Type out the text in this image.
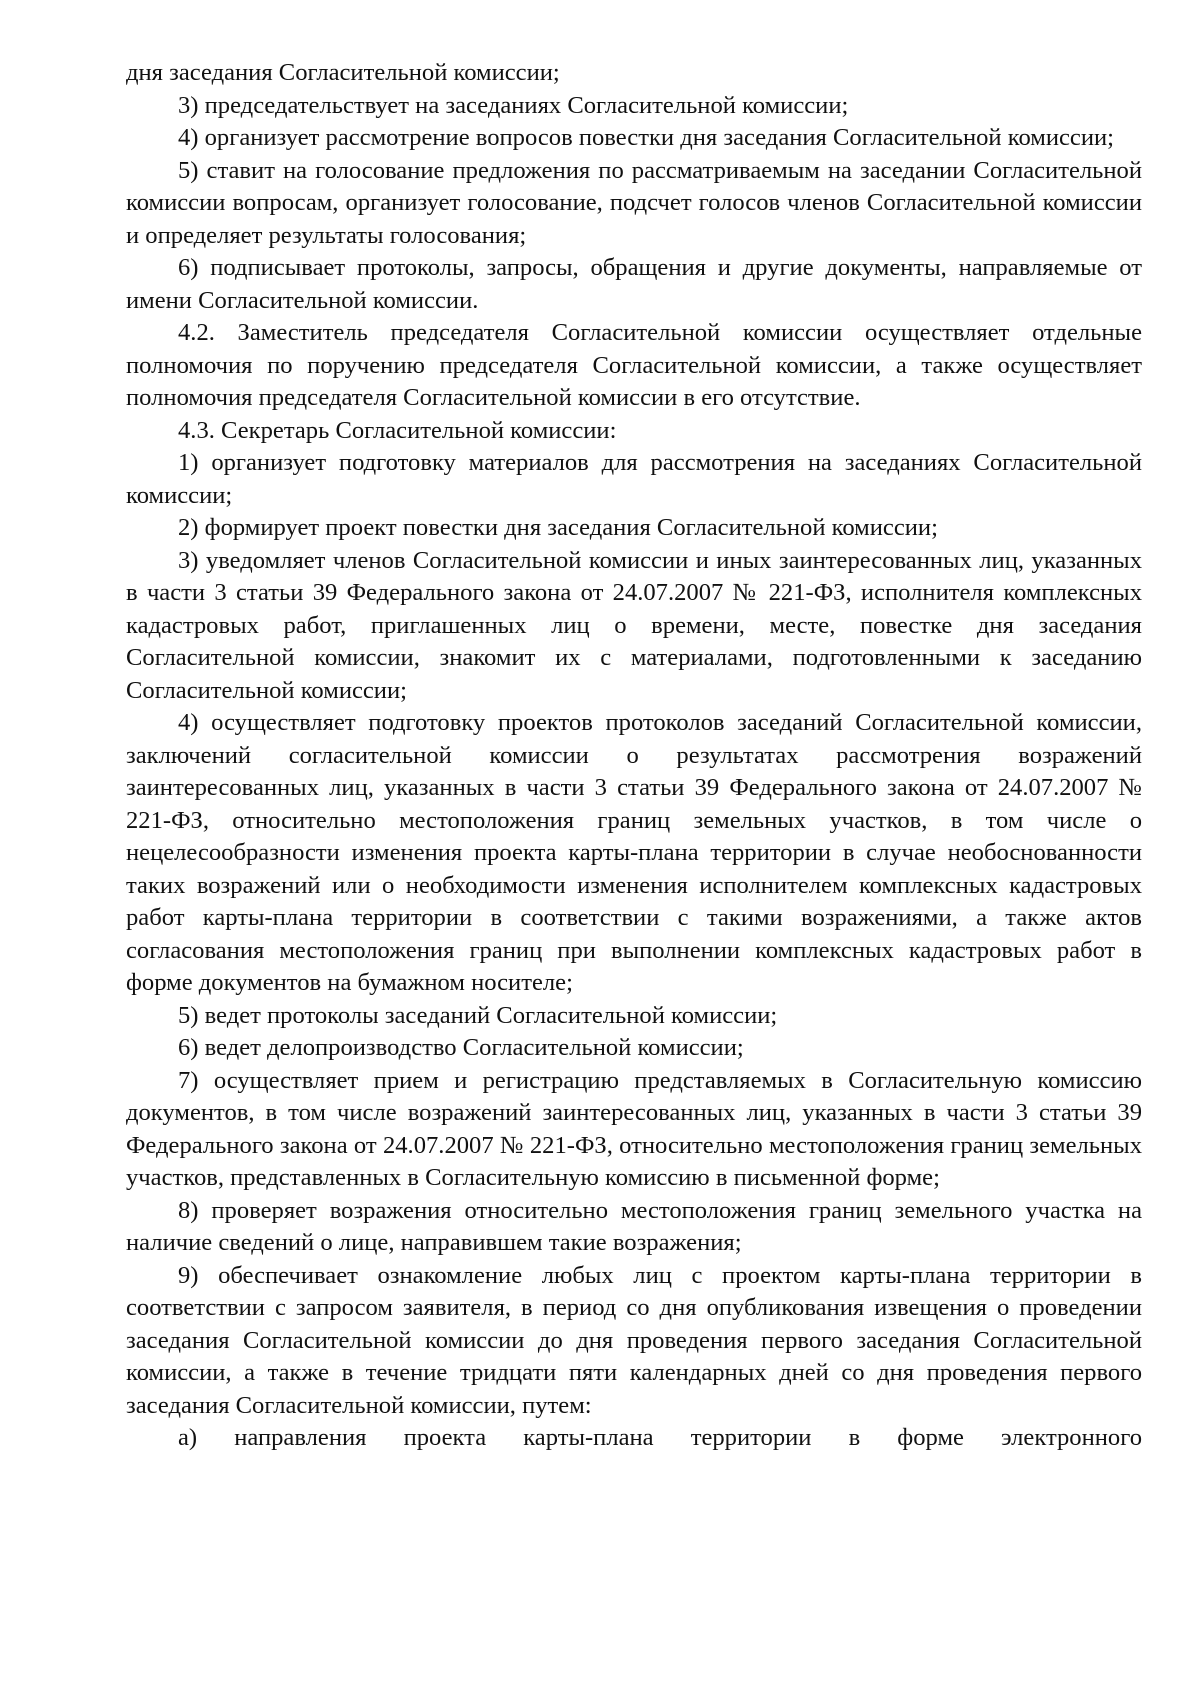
дня заседания Согласительной комиссии;

3) председательствует на заседаниях Согласительной комиссии;

4) организует рассмотрение вопросов повестки дня заседания Согласительной комиссии;

5) ставит на голосование предложения по рассматриваемым на заседании Согласительной комиссии вопросам, организует голосование, подсчет голосов членов Согласительной комиссии и определяет результаты голосования;

6) подписывает протоколы, запросы, обращения и другие документы, направляемые от имени Согласительной комиссии.

4.2. Заместитель председателя Согласительной комиссии осуществляет отдельные полномочия по поручению председателя Согласительной комиссии, а также осуществляет полномочия председателя Согласительной комиссии в его отсутствие.

4.3. Секретарь Согласительной комиссии:

1) организует подготовку материалов для рассмотрения на заседаниях Согласительной комиссии;

2) формирует проект повестки дня заседания Согласительной комиссии;

3) уведомляет членов Согласительной комиссии и иных заинтересованных лиц, указанных в части 3 статьи 39 Федерального закона от 24.07.2007 № 221-ФЗ, исполнителя комплексных кадастровых работ, приглашенных лиц о времени, месте, повестке дня заседания Согласительной комиссии, знакомит их с материалами, подготовленными к заседанию Согласительной комиссии;

4) осуществляет подготовку проектов протоколов заседаний Согласительной комиссии, заключений согласительной комиссии о результатах рассмотрения возражений заинтересованных лиц, указанных в части 3 статьи 39 Федерального закона от 24.07.2007 № 221-ФЗ, относительно местоположения границ земельных участков, в том числе о нецелесообразности изменения проекта карты-плана территории в случае необоснованности таких возражений или о необходимости изменения исполнителем комплексных кадастровых работ карты-плана территории в соответствии с такими возражениями, а также актов согласования местоположения границ при выполнении комплексных кадастровых работ в форме документов на бумажном носителе;

5) ведет протоколы заседаний Согласительной комиссии;

6) ведет делопроизводство Согласительной комиссии;

7) осуществляет прием и регистрацию представляемых в Согласительную комиссию документов, в том числе возражений заинтересованных лиц, указанных в части 3 статьи 39 Федерального закона от 24.07.2007 № 221-ФЗ, относительно местоположения границ земельных участков, представленных в Согласительную комиссию в письменной форме;

8) проверяет возражения относительно местоположения границ земельного участка на наличие сведений о лице, направившем такие возражения;

9) обеспечивает ознакомление любых лиц с проектом карты-плана территории в соответствии с запросом заявителя, в период со дня опубликования извещения о проведении заседания Согласительной комиссии до дня проведения первого заседания Согласительной комиссии, а также в течение тридцати пяти календарных дней со дня проведения первого заседания Согласительной комиссии, путем:

а) направления проекта карты-плана территории в форме электронного
